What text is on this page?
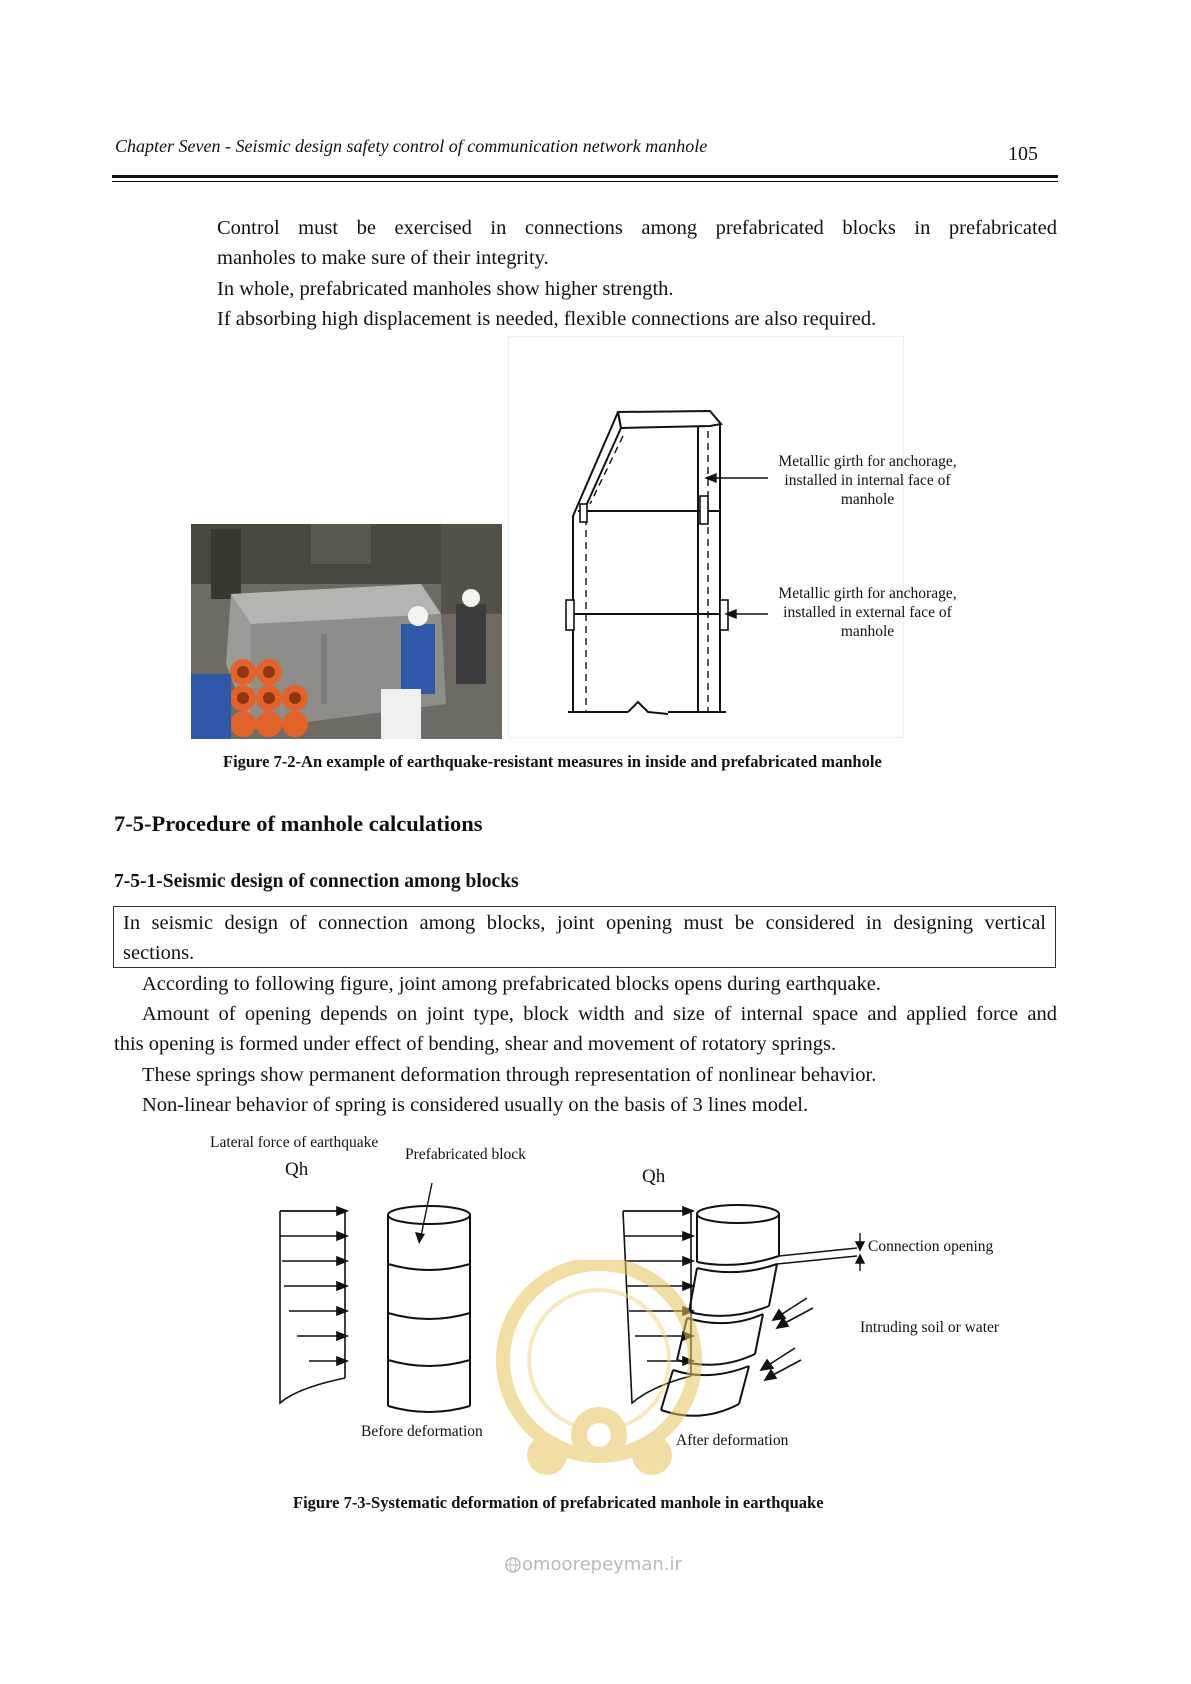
Chapter Seven - Seismic design safety control of communication network manhole	105
Control must be exercised in connections among prefabricated blocks in prefabricated
manholes to make sure of their integrity.
In whole, prefabricated manholes show higher strength.
If absorbing high displacement is needed, flexible connections are also required.
Metallic girth for anchorage,
installed in internal face of
manhole
Metallic girth for anchorage,
installed in external face of
manhole
Figure 7-2-An example of earthquake-resistant measures in inside and prefabricated manhole
7-5-Procedure of manhole calculations
7-5-1-Seismic design of connection among blocks
In seismic design of connection among blocks, joint opening must be considered in designing vertical
sections.
According to following figure, joint among prefabricated blocks opens during earthquake.
Amount of opening depends on joint type, block width and size of internal space and applied force and
this opening is formed under effect of bending, shear and movement of rotatory springs.
These springs show permanent deformation through representation of nonlinear behavior.
Non-linear behavior of spring is considered usually on the basis of 3 lines model.
Lateral force of earthquake
Qh
Prefabricated block
Qh
Connection opening
Intruding soil or water
Before deformation
After deformation
Figure 7-3-Systematic deformation of prefabricated manhole in earthquake
omoorepeyman.ir
